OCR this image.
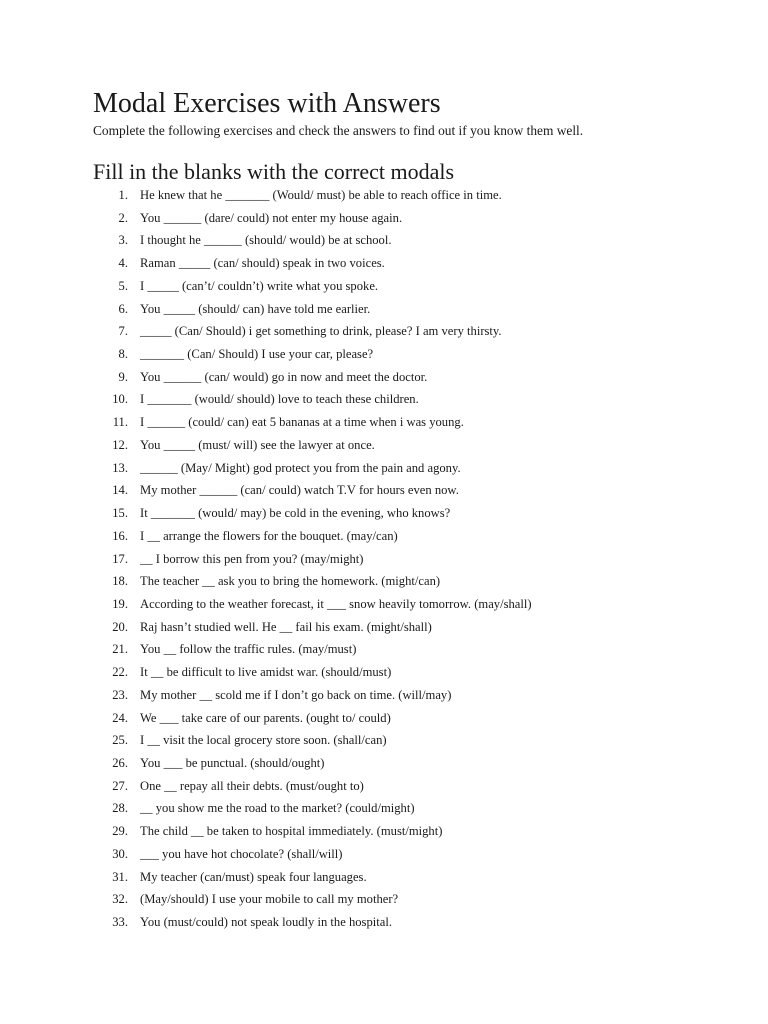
Modal Exercises with Answers

Complete the following exercises and check the answers to find out if you know them well.

Fill in the blanks with the correct modals
1. He knew that he _______ (Would/ must) be able to reach office in time.
2. You ______ (dare/ could) not enter my house again.
3. I thought he ______ (should/ would) be at school.
4. Raman _____ (can/ should) speak in two voices.
5. I _____ (can’t/ couldn’t) write what you spoke.
6. You _____ (should/ can) have told me earlier.
7. _____ (Can/ Should) i get something to drink, please? I am very thirsty.
8. _______ (Can/ Should) I use your car, please?
9. You ______ (can/ would) go in now and meet the doctor.
10. I _______ (would/ should) love to teach these children.
11. I ______ (could/ can) eat 5 bananas at a time when i was young.
12. You _____ (must/ will) see the lawyer at once.
13. ______ (May/ Might) god protect you from the pain and agony.
14. My mother ______ (can/ could) watch T.V for hours even now.
15. It _______ (would/ may) be cold in the evening, who knows?
16. I __ arrange the flowers for the bouquet. (may/can)
17. __ I borrow this pen from you? (may/might)
18. The teacher __ ask you to bring the homework. (might/can)
19. According to the weather forecast, it ___ snow heavily tomorrow. (may/shall)
20. Raj hasn’t studied well. He __ fail his exam. (might/shall)
21. You __ follow the traffic rules. (may/must)
22. It __ be difficult to live amidst war. (should/must)
23. My mother __ scold me if I don’t go back on time. (will/may)
24. We ___ take care of our parents. (ought to/ could)
25. I __ visit the local grocery store soon. (shall/can)
26. You ___ be punctual. (should/ought)
27. One __ repay all their debts. (must/ought to)
28. __ you show me the road to the market? (could/might)
29. The child __ be taken to hospital immediately. (must/might)
30. ___ you have hot chocolate? (shall/will)
31. My teacher (can/must) speak four languages.
32. (May/should) I use your mobile to call my mother?
33. You (must/could) not speak loudly in the hospital.
